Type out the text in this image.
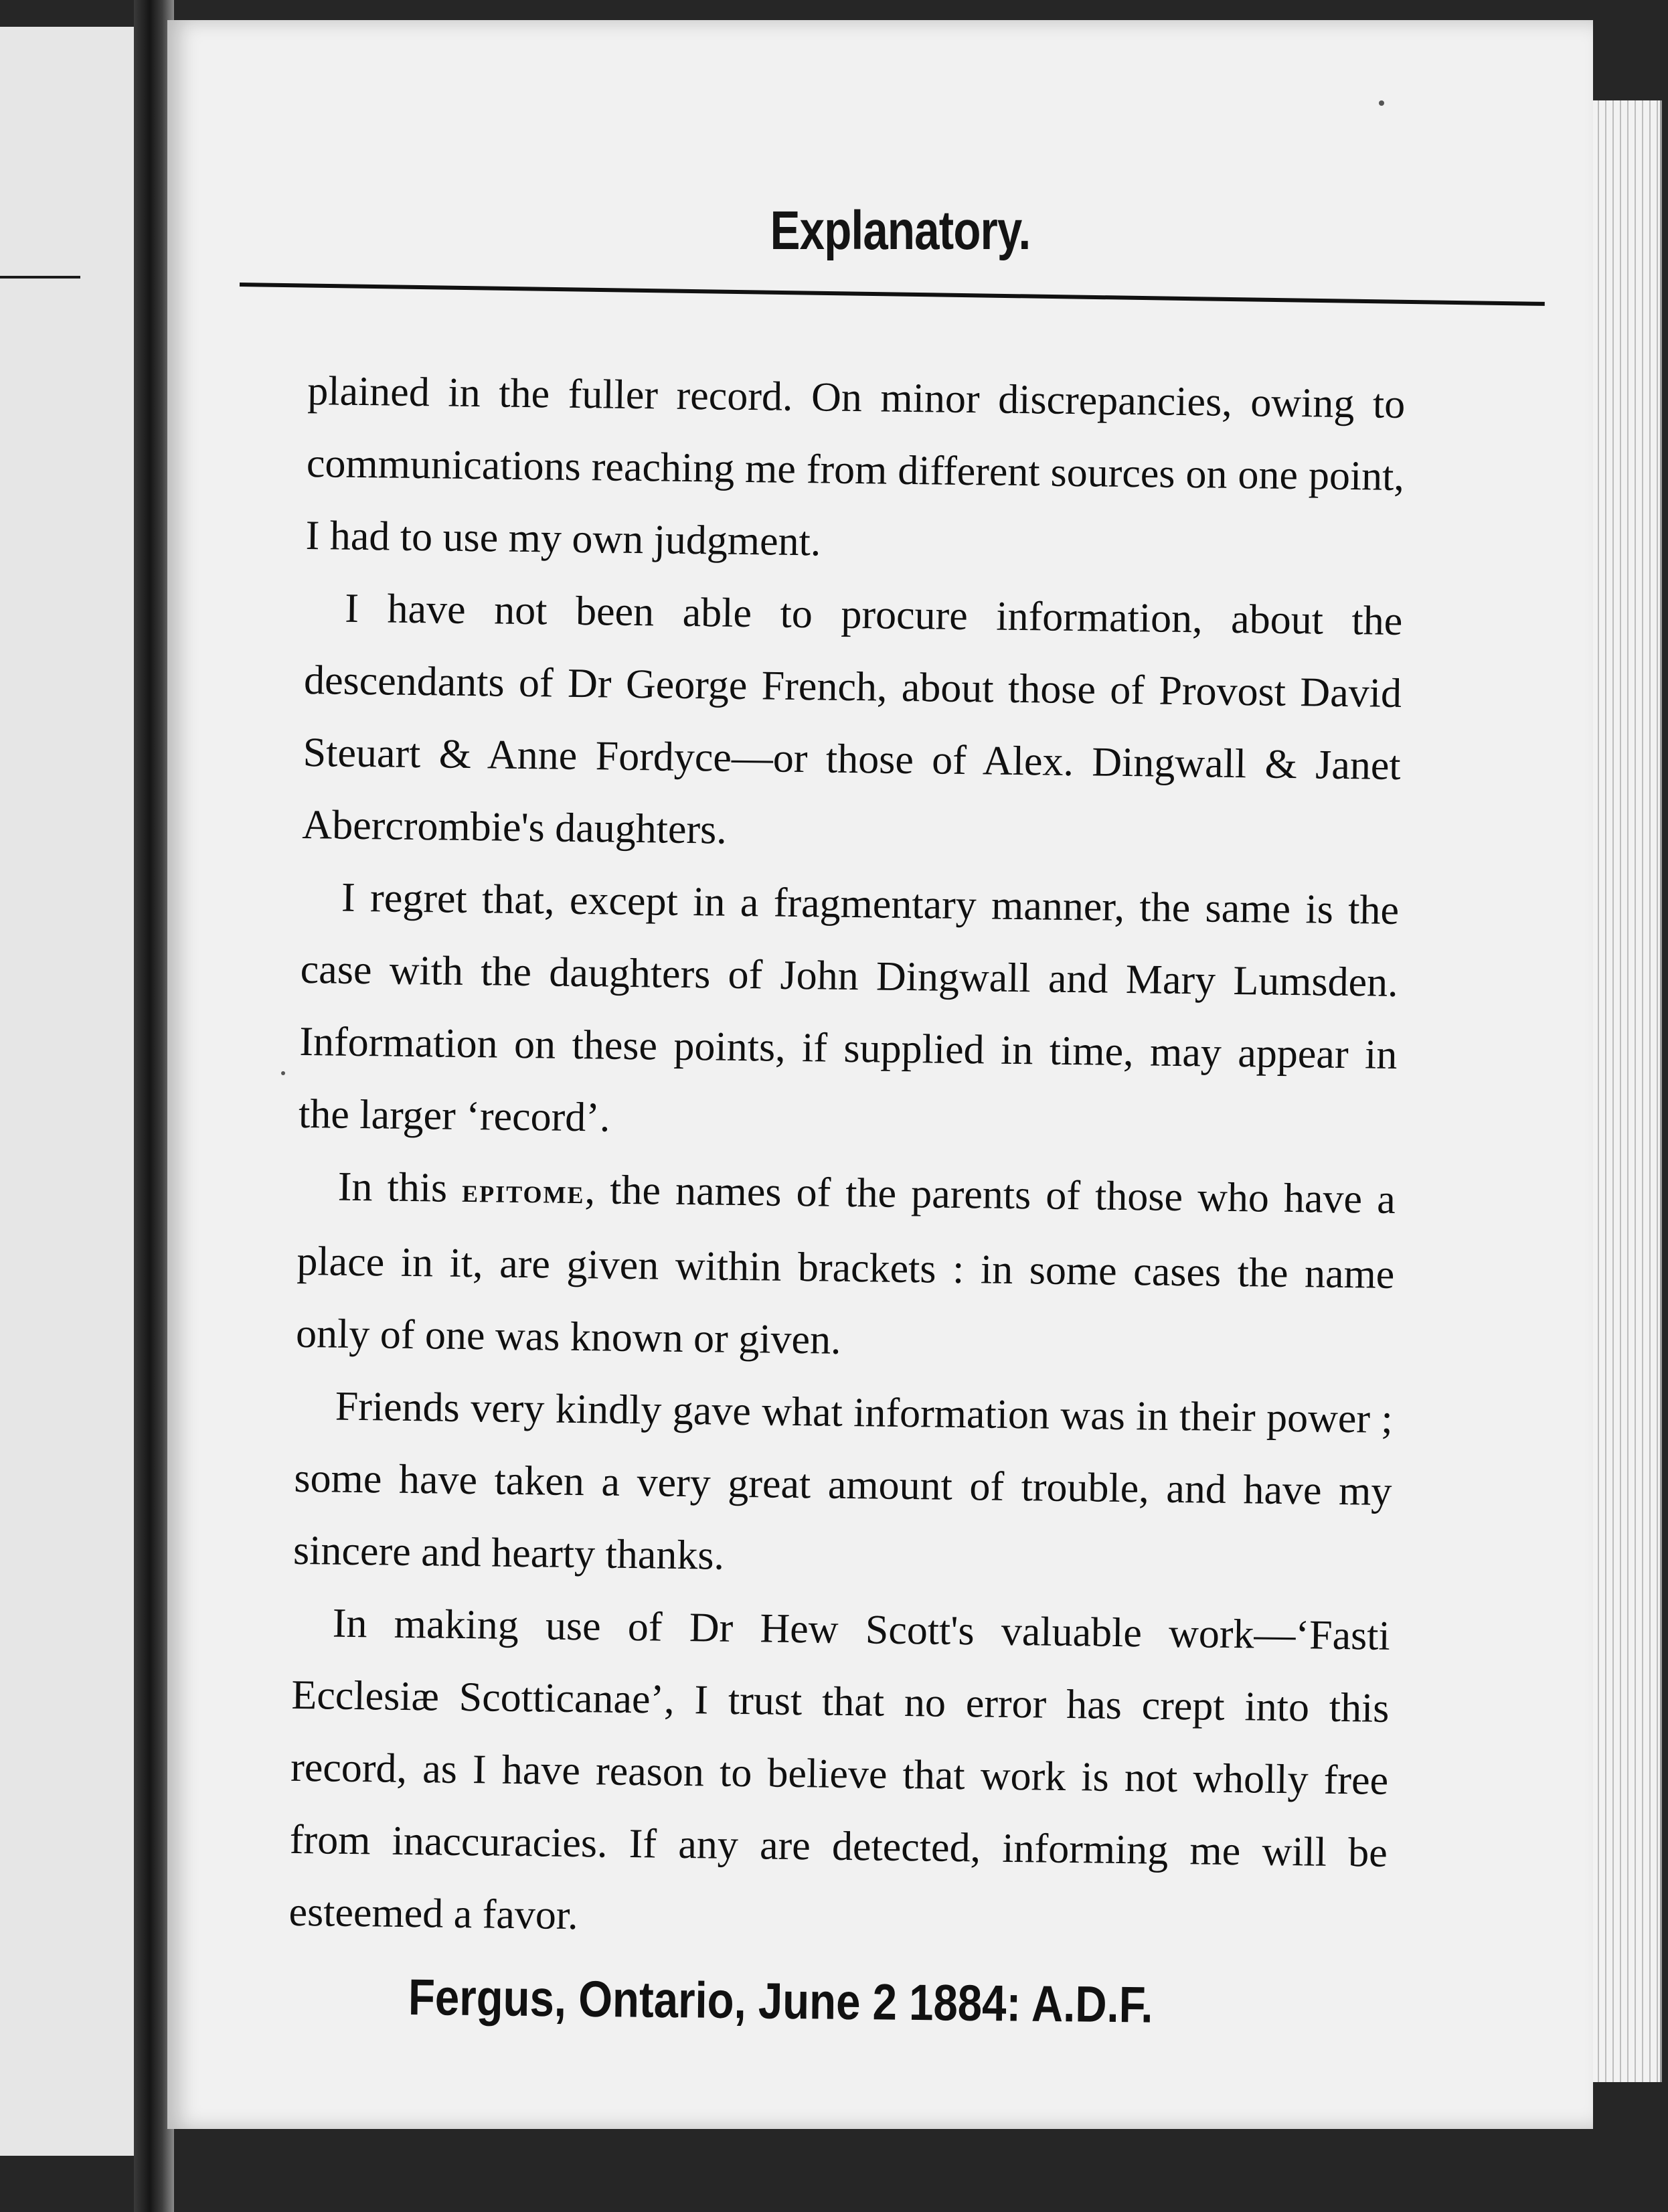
Explanatory.

plained in the fuller record. On minor discrepancies, owing to communications reaching me from different sources on one point, I had to use my own judgment.

I have not been able to procure information, about the descendants of Dr George French, about those of Provost David Steuart & Anne Fordyce—or those of Alex. Dingwall & Janet Abercrombie's daughters.

I regret that, except in a fragmentary manner, the same is the case with the daughters of John Dingwall and Mary Lumsden. Information on these points, if supplied in time, may appear in the larger ‘record’.

In this epitome, the names of the parents of those who have a place in it, are given within brackets : in some cases the name only of one was known or given.

Friends very kindly gave what information was in their power ; some have taken a very great amount of trouble, and have my sincere and hearty thanks.

In making use of Dr Hew Scott's valuable work—‘Fasti Ecclesiæ Scotticanae’, I trust that no error has crept into this record, as I have reason to believe that work is not wholly free from inaccuracies. If any are detected, informing me will be esteemed a favor.

Fergus, Ontario, June 2 1884: A.D.F.
